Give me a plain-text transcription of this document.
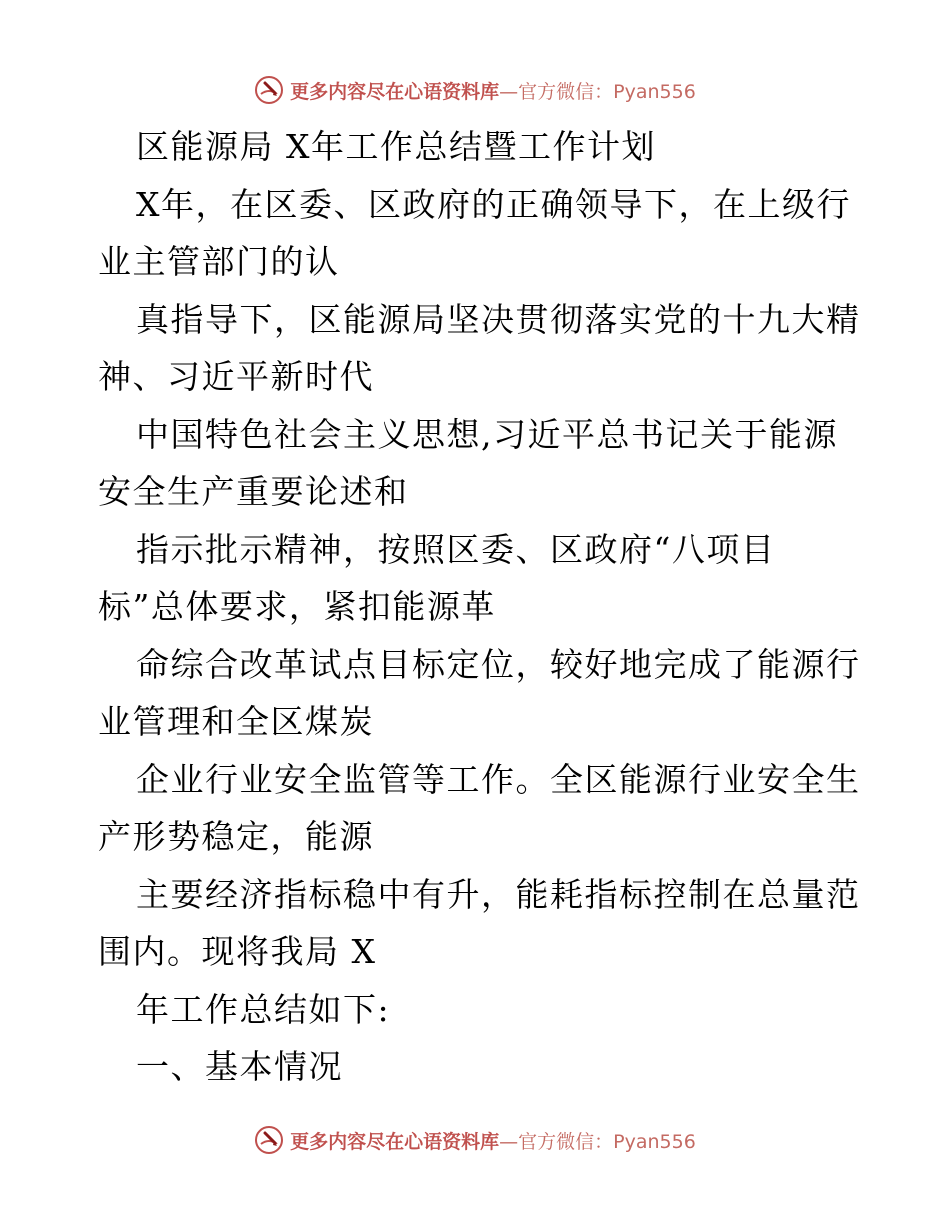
更多内容尽在心语资料库—官方微信：Pyan556
区能源局 X年工作总结暨工作计划
X年，在区委、区政府的正确领导下，在上级行
业主管部门的认
真指导下，区能源局坚决贯彻落实党的十九大精
神、习近平新时代
中国特色社会主义思想,习近平总书记关于能源
安全生产重要论述和
指示批示精神，按照区委、区政府“八项目
标”总体要求，紧扣能源革
命综合改革试点目标定位，较好地完成了能源行
业管理和全区煤炭
企业行业安全监管等工作。全区能源行业安全生
产形势稳定，能源
主要经济指标稳中有升，能耗指标控制在总量范
围内。现将我局 X
年工作总结如下:
一、基本情况
更多内容尽在心语资料库—官方微信：Pyan556
